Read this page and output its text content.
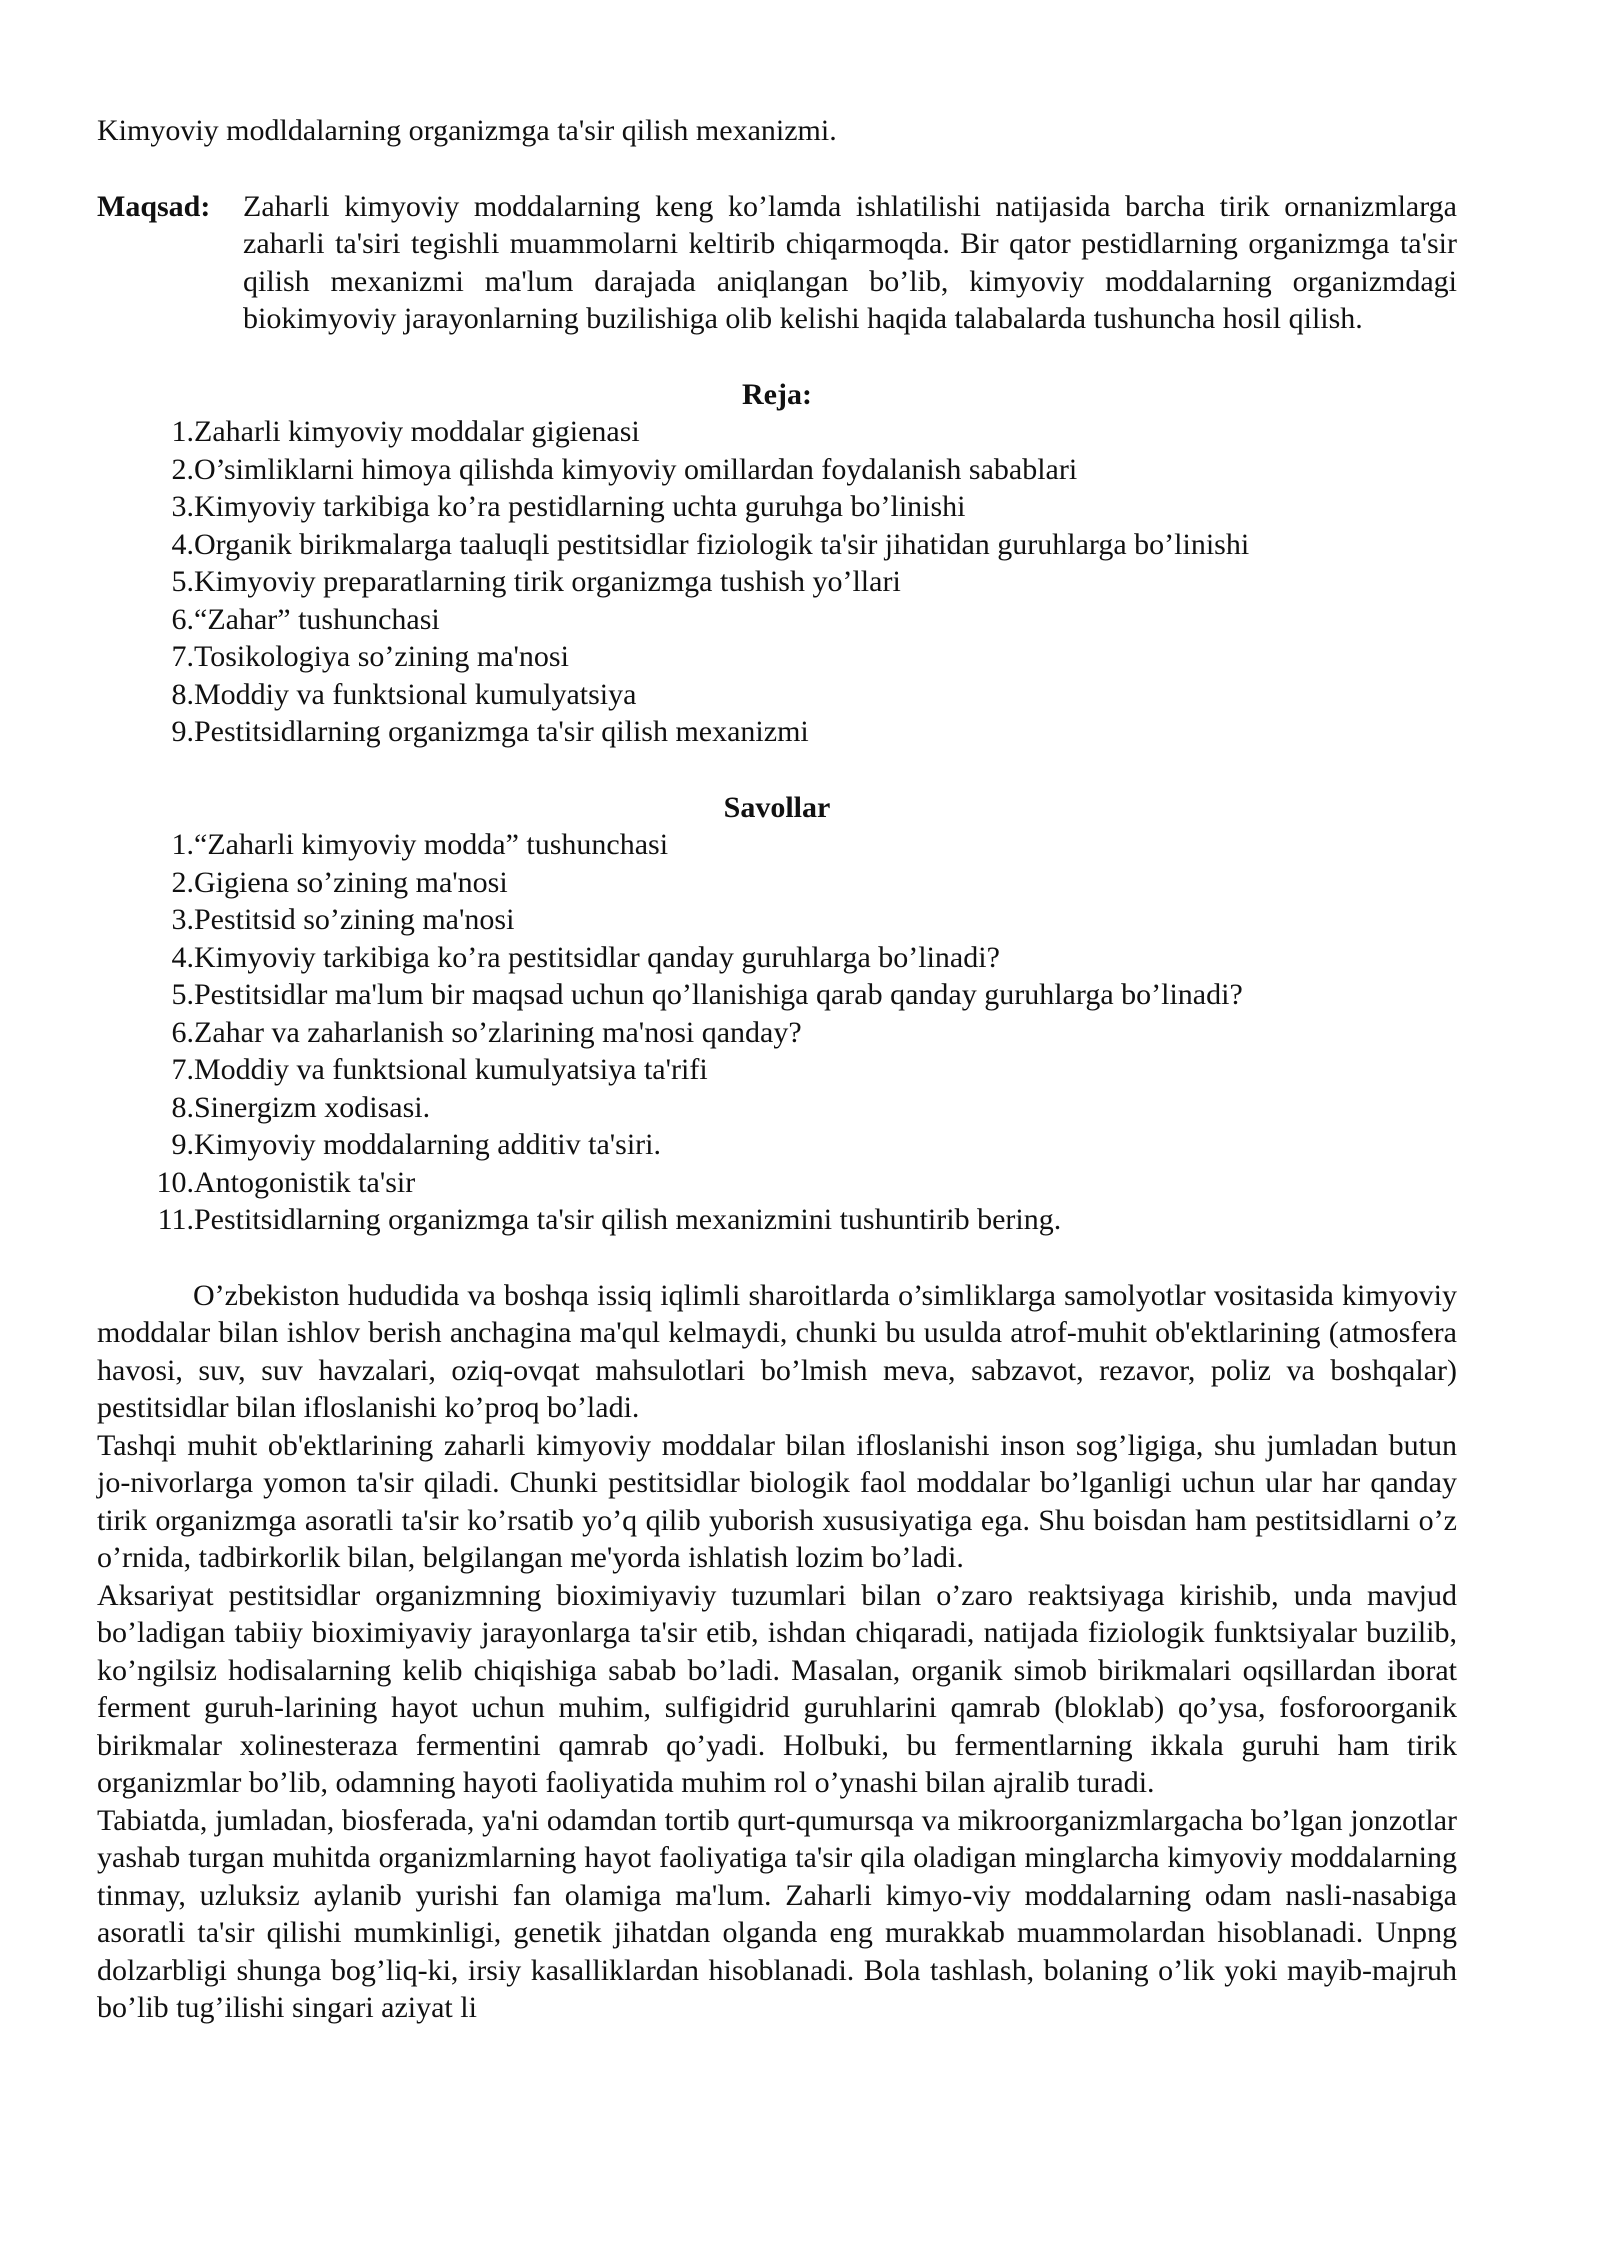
Kimyoviy modldalarning organizmga ta'sir qilish mexanizmi.

Maqsad:	Zaharli kimyoviy moddalarning keng ko’lamda ishlatilishi natijasida barcha tirik ornanizmlarga zaharli ta'siri tegishli muammolarni keltirib chiqarmoqda. Bir qator pestidlarning organizmga ta'sir qilish mexanizmi ma'lum darajada aniqlangan bo’lib, kimyoviy moddalarning organizmdagi biokimyoviy jarayonlarning buzilishiga olib kelishi haqida talabalarda tushuncha hosil qilish.

Reja:

1. Zaharli kimyoviy moddalar gigienasi
2. O’simliklarni himoya qilishda kimyoviy omillardan foydalanish sabablari
3. Kimyoviy tarkibiga ko’ra pestidlarning uchta guruhga bo’linishi
4. Organik birikmalarga taaluqli pestitsidlar fiziologik ta'sir jihatidan guruhlarga bo’linishi
5. Kimyoviy preparatlarning tirik organizmga tushish yo’llari
6. “Zahar” tushunchasi
7. Tosikologiya so’zining ma'nosi
8. Moddiy va funktsional kumulyatsiya
9. Pestitsidlarning organizmga ta'sir qilish mexanizmi

Savollar

1. “Zaharli kimyoviy modda” tushunchasi
2. Gigiena so’zining ma'nosi
3. Pestitsid so’zining ma'nosi
4. Kimyoviy tarkibiga ko’ra pestitsidlar qanday guruhlarga bo’linadi?
5. Pestitsidlar ma'lum bir maqsad uchun qo’llanishiga qarab qanday guruhlarga bo’linadi?
6. Zahar va zaharlanish so’zlarining ma'nosi qanday?
7. Moddiy va funktsional kumulyatsiya ta'rifi
8. Sinergizm xodisasi.
9. Kimyoviy moddalarning additiv ta'siri.
10. Antogonistik ta'sir
11. Pestitsidlarning organizmga ta'sir qilish mexanizmini tushuntirib bering.

O’zbekiston hududida va boshqa issiq iqlimli sharoitlarda o’simliklarga samolyotlar vositasida kimyoviy moddalar bilan ishlov berish anchagina ma'qul kelmaydi, chunki bu usulda atrof-muhit ob'ektlarining (atmosfera havosi, suv, suv havzalari, oziq-ovqat mahsulotlari bo’lmish meva, sabzavot, rezavor, poliz va boshqalar) pestitsidlar bilan ifloslanishi ko’proq bo’ladi.

Tashqi muhit ob'ektlarining zaharli kimyoviy moddalar bilan ifloslanishi inson sog’ligiga, shu jumladan butun jo-nivorlarga yomon ta'sir qiladi. Chunki pestitsidlar biologik faol moddalar bo’lganligi uchun ular har qanday tirik organizmga asoratli ta'sir ko’rsatib yo’q qilib yuborish xususiyatiga ega. Shu boisdan ham pestitsidlarni o’z o’rnida, tadbirkorlik bilan, belgilangan me'yorda ishlatish lozim bo’ladi.

Aksariyat pestitsidlar organizmning bioximiyaviy tuzumlari bilan o’zaro reaktsiyaga kirishib, unda mavjud bo’ladigan tabiiy bioximiyaviy jarayonlarga ta'sir etib, ishdan chiqaradi, natijada fiziologik funktsiyalar buzilib, ko’ngilsiz hodisalarning kelib chiqishiga sabab bo’ladi. Masalan, organik simob birikmalari oqsillardan iborat ferment guruh-larining hayot uchun muhim, sulfigidrid guruhlarini qamrab (bloklab) qo’ysa, fosforoorganik birikmalar xolinesteraza fermentini qamrab qo’yadi. Holbuki, bu fermentlarning ikkala guruhi ham tirik organizmlar bo’lib, odamning hayoti faoliyatida muhim rol o’ynashi bilan ajralib turadi.

Tabiatda, jumladan, biosferada, ya'ni odamdan tortib qurt-qumursqa va mikroorganizmlargacha bo’lgan jonzotlar yashab turgan muhitda organizmlarning hayot faoliyatiga ta'sir qila oladigan minglarcha kimyoviy moddalarning tinmay, uzluksiz aylanib yurishi fan olamiga ma'lum. Zaharli kimyo-viy moddalarning odam nasli-nasabiga asoratli ta'sir qilishi mumkinligi, genetik jihatdan olganda eng murakkab muammolardan hisoblanadi. Unpng dolzarbligi shunga bog’liq-ki, irsiy kasalliklardan hisoblanadi. Bola tashlash, bolaning o’lik yoki mayib-majruh bo’lib tug’ilishi singari aziyat li
